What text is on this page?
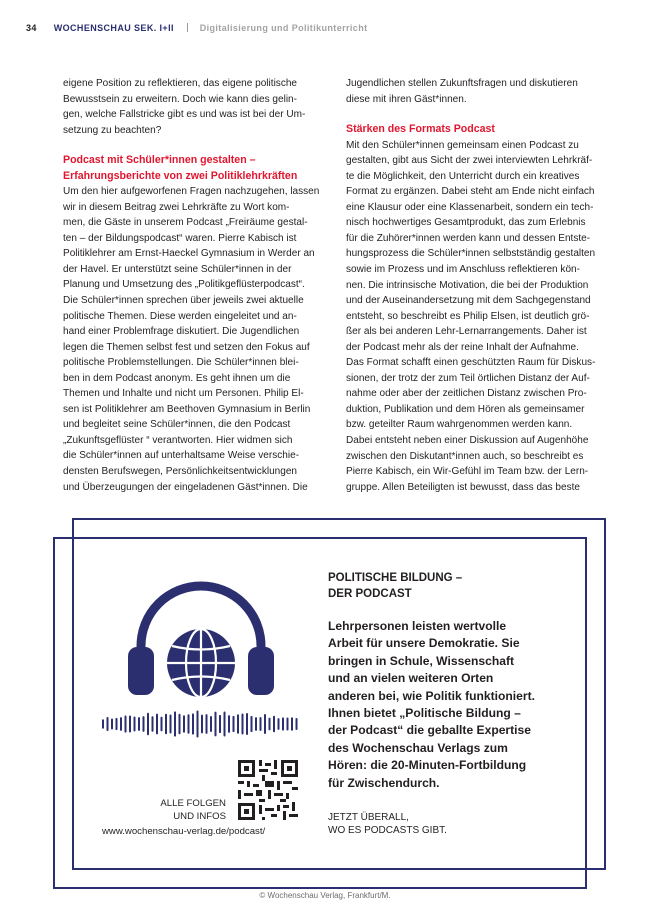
34 WOCHENSCHAU SEK. I+II	Digitalisierung und Politikunterricht

eigene Position zu reflektieren, das eigene politische
Bewusstsein zu erweitern. Doch wie kann dies gelin-
gen, welche Fallstricke gibt es und was ist bei der Um-
setzung zu beachten?

Podcast mit Schüler*innen gestalten –
Erfahrungsberichte von zwei Politiklehrkräften

Um den hier aufgeworfenen Fragen nachzugehen, lassen
wir in diesem Beitrag zwei Lehrkräfte zu Wort kom-
men, die Gäste in unserem Podcast „Freiräume gestal-
ten – der Bildungspodcast“ waren. Pierre Kabisch ist
Politiklehrer am Ernst-Haeckel Gymnasium in Werder an
der Havel. Er unterstützt seine Schüler*innen in der
Planung und Umsetzung des „Politikgeflüsterpodcast“.
Die Schüler*innen sprechen über jeweils zwei aktuelle
politische Themen. Diese werden eingeleitet und an-
hand einer Problemfrage diskutiert. Die Jugendlichen
legen die Themen selbst fest und setzen den Fokus auf
politische Problemstellungen. Die Schüler*innen blei-
ben in dem Podcast anonym. Es geht ihnen um die
Themen und Inhalte und nicht um Personen. Philip El-
sen ist Politiklehrer am Beethoven Gymnasium in Berlin
und begleitet seine Schüler*innen, die den Podcast
„Zukunftsgeflüster “ verantworten. Hier widmen sich
die Schüler*innen auf unterhaltsame Weise verschie-
densten Berufswegen, Persönlichkeitsentwicklungen
und Überzeugungen der eingeladenen Gäst*innen. Die

Jugendlichen stellen Zukunftsfragen und diskutieren
diese mit ihren Gäst*innen.

Stärken des Formats Podcast

Mit den Schüler*innen gemeinsam einen Podcast zu
gestalten, gibt aus Sicht der zwei interviewten Lehrkräf-
te die Möglichkeit, den Unterricht durch ein kreatives
Format zu ergänzen. Dabei steht am Ende nicht einfach
eine Klausur oder eine Klassenarbeit, sondern ein tech-
nisch hochwertiges Gesamtprodukt, das zum Erlebnis
für die Zuhörer*innen werden kann und dessen Entste-
hungsprozess die Schüler*innen selbstständig gestalten
sowie im Prozess und im Anschluss reflektieren kön-
nen. Die intrinsische Motivation, die bei der Produktion
und der Auseinandersetzung mit dem Sachgegenstand
entsteht, so beschreibt es Philip Elsen, ist deutlich grö-
ßer als bei anderen Lehr-Lernarrangements. Daher ist
der Podcast mehr als der reine Inhalt der Aufnahme.
Das Format schafft einen geschützten Raum für Diskus-
sionen, der trotz der zum Teil örtlichen Distanz der Auf-
nahme oder aber der zeitlichen Distanz zwischen Pro-
duktion, Publikation und dem Hören als gemeinsamer
bzw. geteilter Raum wahrgenommen werden kann.
Dabei entsteht neben einer Diskussion auf Augenhöhe
zwischen den Diskutant*innen auch, so beschreibt es
Pierre Kabisch, ein Wir-Gefühl im Team bzw. der Lern-
gruppe. Allen Beteiligten ist bewusst, dass das beste

POLITISCHE BILDUNG –
DER PODCAST
Lehrpersonen leisten wertvolle
Arbeit für unsere Demokratie. Sie
bringen in Schule, Wissenschaft
und an vielen weiteren Orten
anderen bei, wie Politik funktioniert.
Ihnen bietet „Politische Bildung –
der Podcast“ die geballte Expertise
des Wochenschau Verlags zum
Hören: die 20-Minuten-Fortbildung
für Zwischendurch.
JETZT ÜBERALL,
WO ES PODCASTS GIBT.
ALLE FOLGEN
UND INFOS
www.wochenschau-verlag.de/podcast/
© Wochenschau Verlag, Frankfurt/M.
